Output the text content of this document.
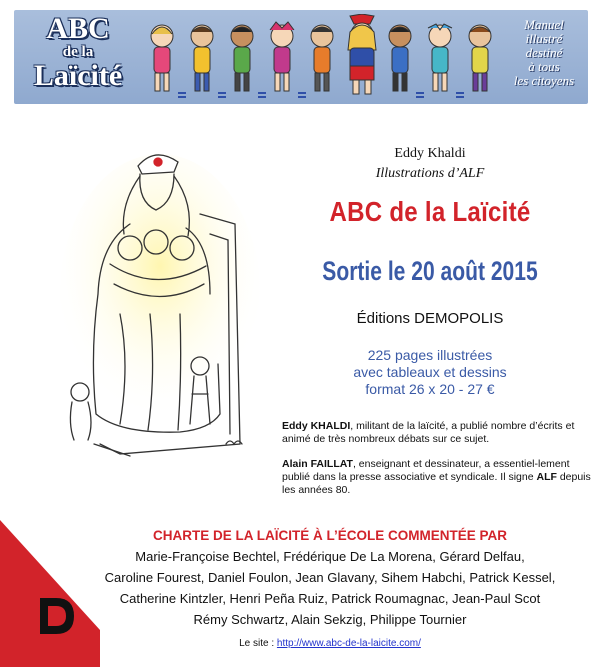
ABC
de la
Laïcité
Manuel
illustré
destiné
à tous
les citoyens
Eddy Khaldi
Illustrations d’ALF
ABC de la Laïcité
Sortie le 20 août 2015
Éditions DEMOPOLIS
225 pages illustrées
avec tableaux et dessins
format 26 x 20 - 27 €
Eddy KHALDI, militant de la laïcité, a publié nombre d’écrits et animé de très nombreux débats sur ce sujet.
Alain FAILLAT, enseignant et dessinateur, a essentiel-lement publié dans la presse associative et syndicale. Il signe ALF depuis les années 80.
CHARTE DE LA LAÏCITÉ À L’ÉCOLE COMMENTÉE PAR
Marie-Françoise Bechtel, Frédérique De La Morena, Gérard Delfau,
Caroline Fourest, Daniel Foulon, Jean Glavany, Sihem Habchi, Patrick Kessel,
Catherine Kintzler, Henri Peña Ruiz, Patrick Roumagnac, Jean-Paul Scot
Rémy Schwartz, Alain Sekzig, Philippe Tournier
Le site : http://www.abc-de-la-laicite.com/
